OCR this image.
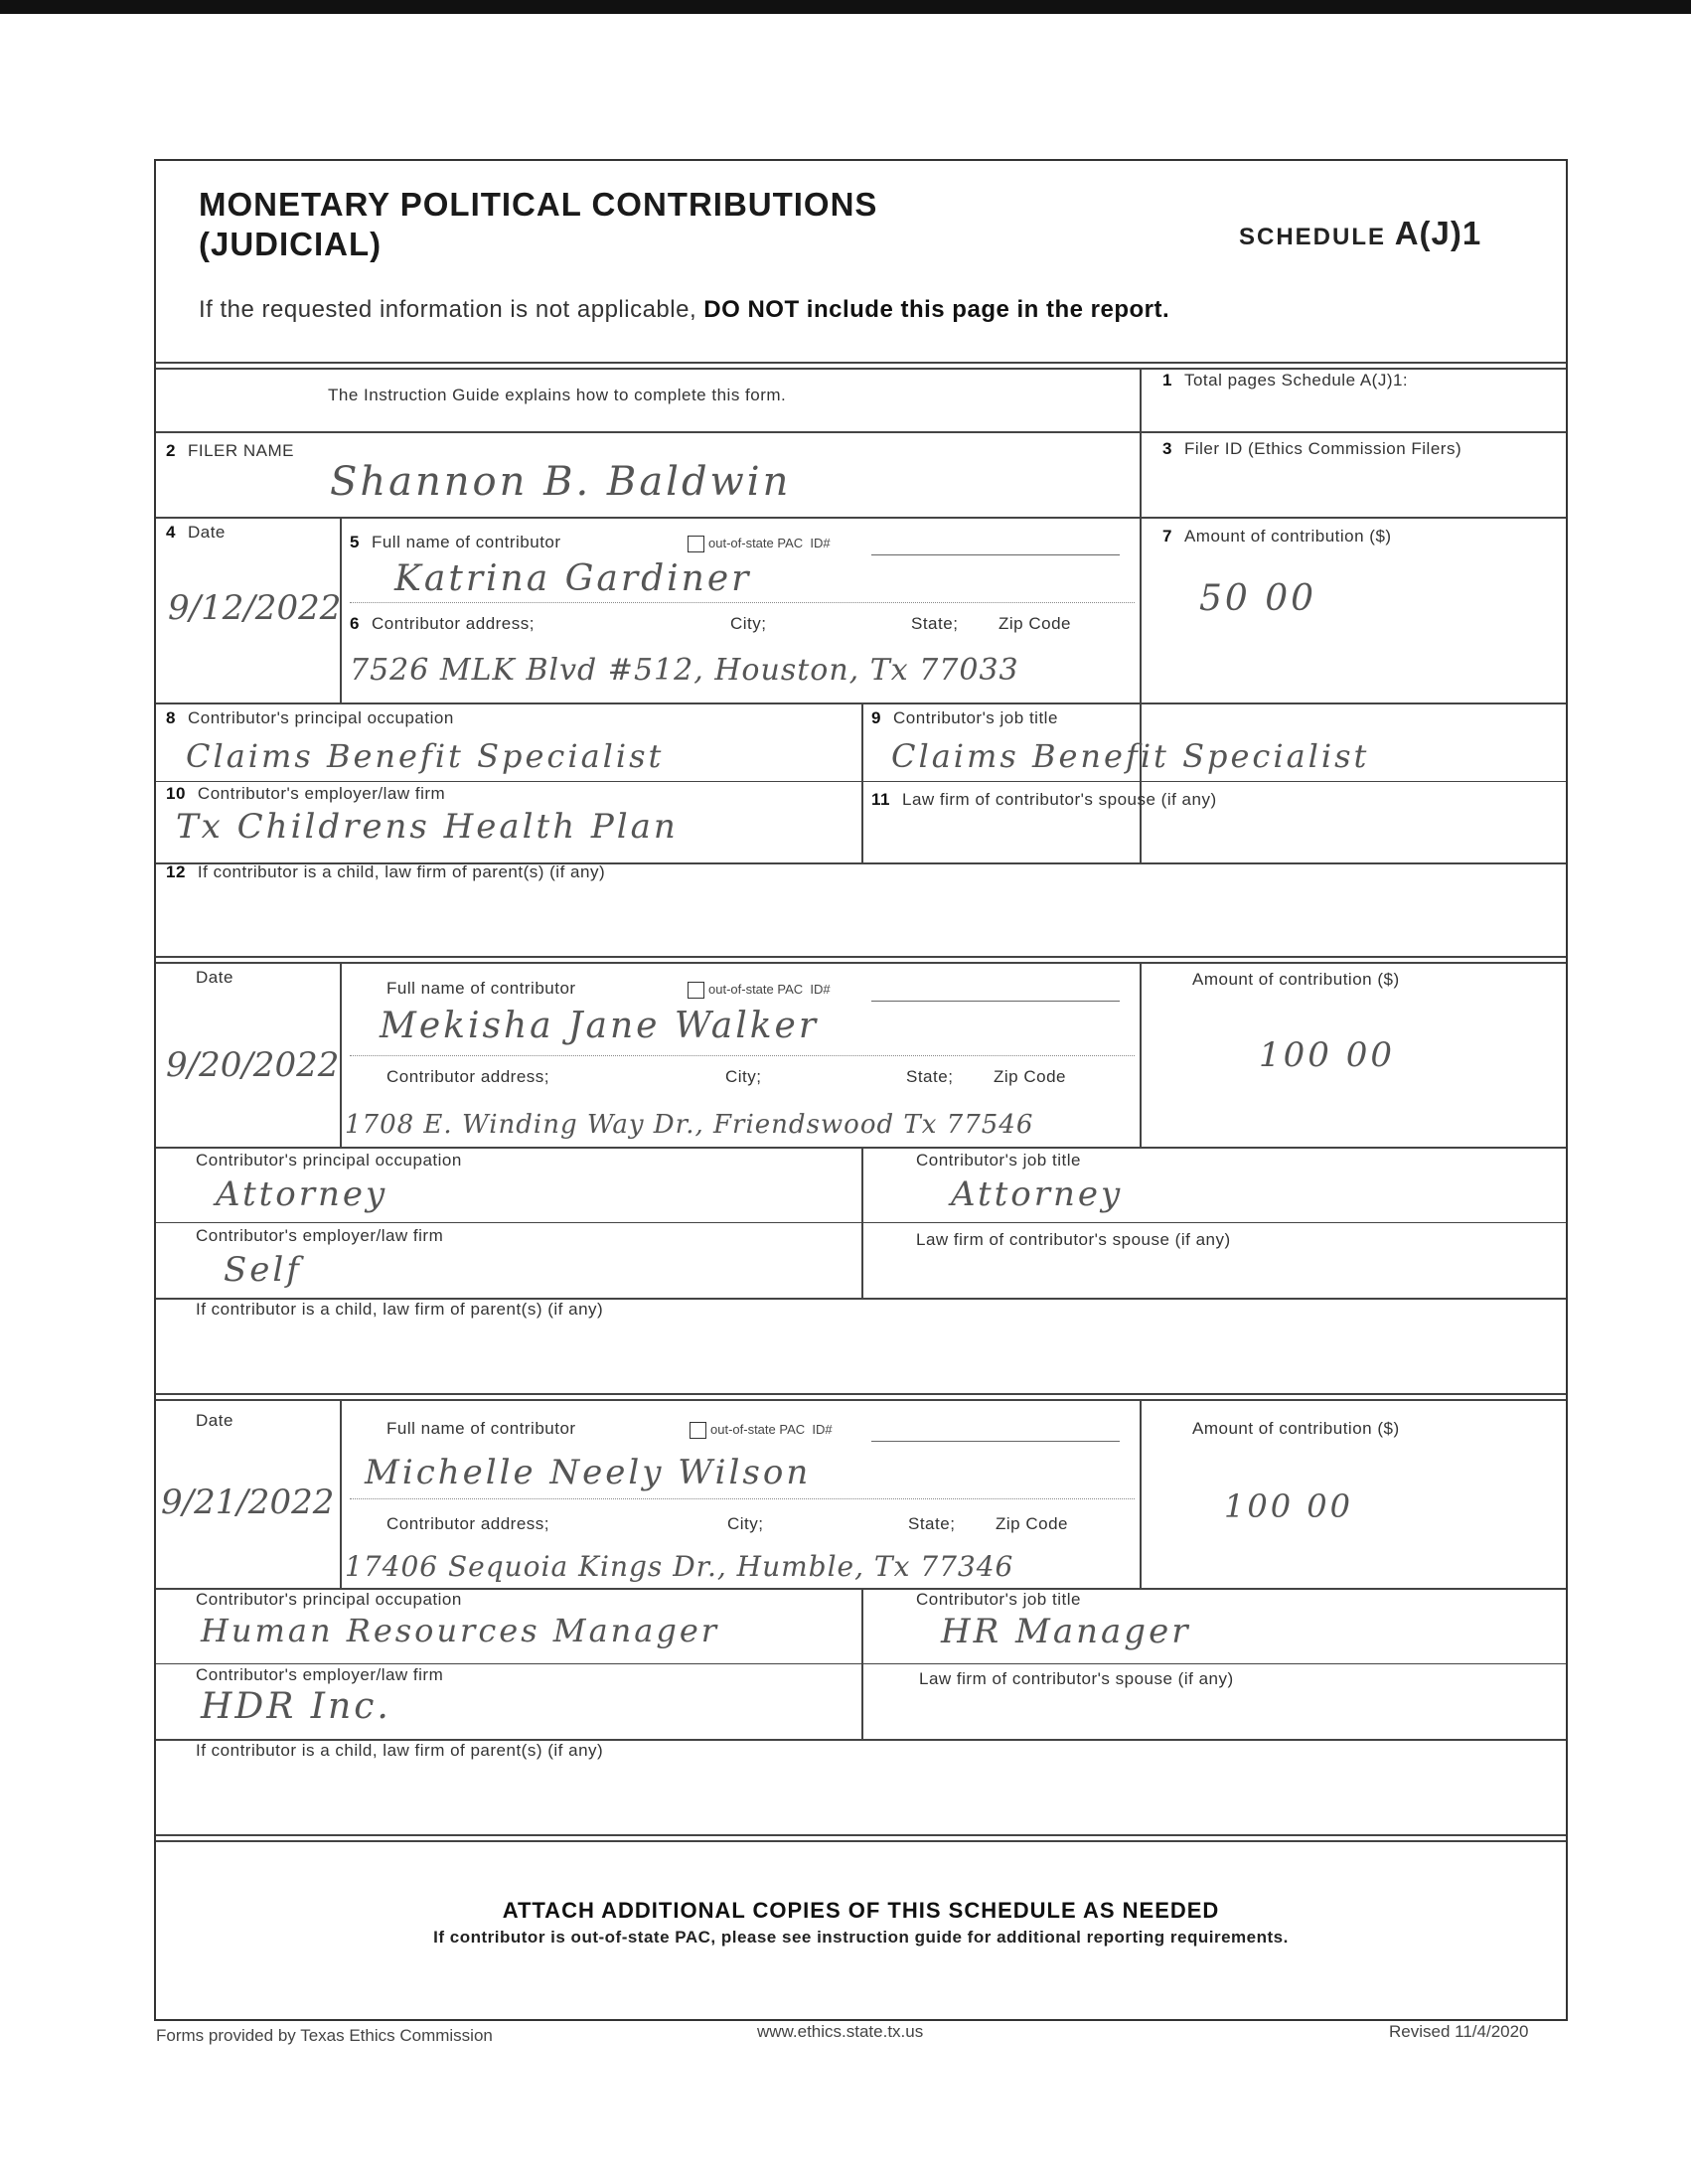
MONETARY POLITICAL CONTRIBUTIONS
(JUDICIAL)	SCHEDULE A(J)1
If the requested information is not applicable, DO NOT include this page in the report.
The Instruction Guide explains how to complete this form.
1 Total pages Schedule A(J)1:
2 FILER NAME
Shannon B. Baldwin
3 Filer ID (Ethics Commission Filers)
4 Date
9/12/2022
5 Full name of contributor	out-of-state PAC ID#
Katrina Gardiner
6 Contributor address;	City;	State; Zip Code
7526 MLK Blvd #512, Houston, Tx 77033
7 Amount of contribution ($)
50 00
8 Contributor's principal occupation
Claims Benefit Specialist
9 Contributor's job title
Claims Benefit Specialist
10 Contributor's employer/law firm
Tx Childrens Health Plan
11 Law firm of contributor's spouse (if any)
12 If contributor is a child, law firm of parent(s) (if any)
Date
9/20/2022
Full name of contributor	out-of-state PAC ID#
Mekisha Jane Walker
Contributor address;	City;	State; Zip Code
1708 E. Winding Way Dr., Friendswood Tx 77546
Amount of contribution ($)
100 00
Contributor's principal occupation
Attorney
Contributor's job title
Attorney
Contributor's employer/law firm
Self
Law firm of contributor's spouse (if any)
If contributor is a child, law firm of parent(s) (if any)
Date
9/21/2022
Full name of contributor	out-of-state PAC ID#
Michelle Neely Wilson
Contributor address;	City;	State; Zip Code
17406 Sequoia Kings Dr., Humble, Tx 77346
Amount of contribution ($)
100 00
Contributor's principal occupation
Human Resources Manager
Contributor's job title
HR Manager
Contributor's employer/law firm
HDR Inc.
Law firm of contributor's spouse (if any)
If contributor is a child, law firm of parent(s) (if any)
ATTACH ADDITIONAL COPIES OF THIS SCHEDULE AS NEEDED
If contributor is out-of-state PAC, please see instruction guide for additional reporting requirements.
Forms provided by Texas Ethics Commission	www.ethics.state.tx.us	Revised 11/4/2020
